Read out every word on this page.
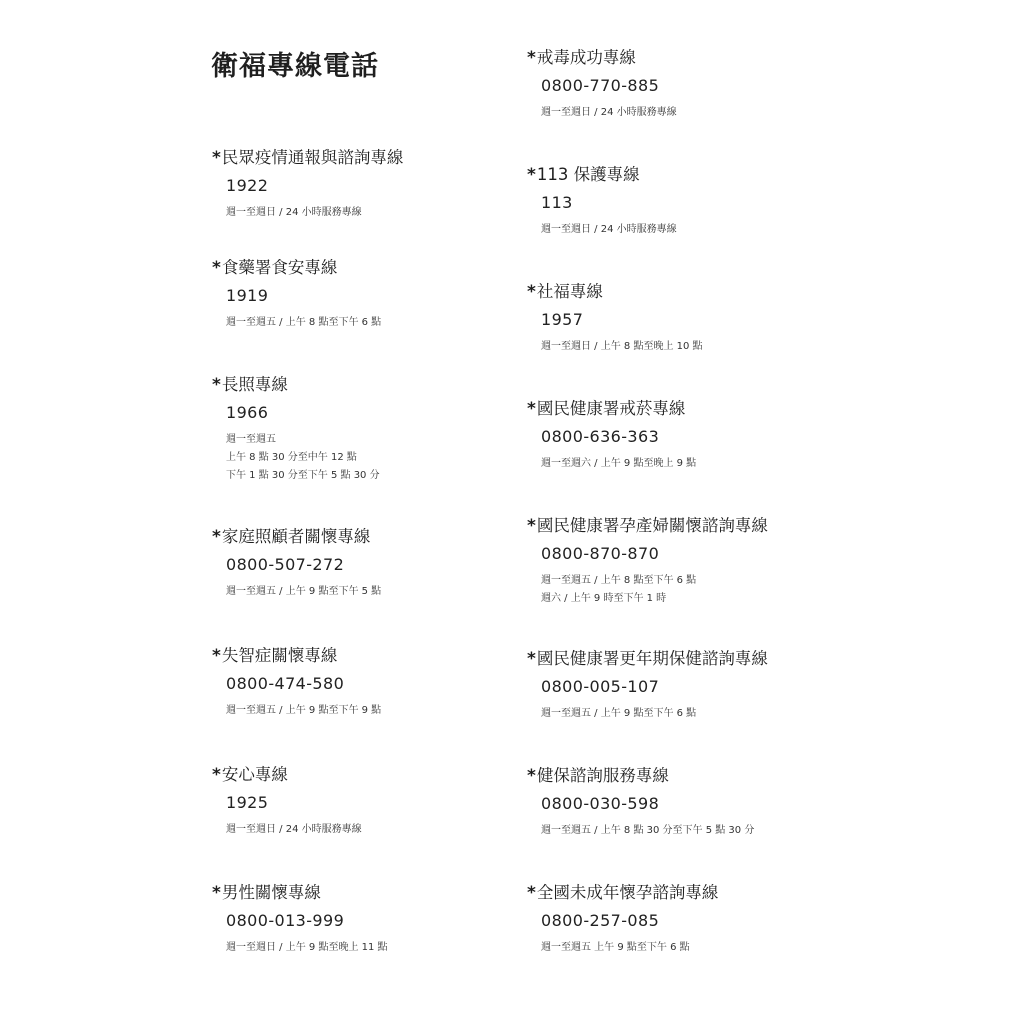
衛福專線電話
*民眾疫情通報與諮詢專線
1922
週一至週日 / 24 小時服務專線
*食藥署食安專線
1919
週一至週五 / 上午 8 點至下午 6 點
*長照專線
1966
週一至週五
上午 8 點 30 分至中午 12 點
下午 1 點 30 分至下午 5 點 30 分
*家庭照顧者關懷專線
0800-507-272
週一至週五 / 上午 9 點至下午 5 點
*失智症關懷專線
0800-474-580
週一至週五 / 上午 9 點至下午 9 點
*安心專線
1925
週一至週日 / 24 小時服務專線
*男性關懷專線
0800-013-999
週一至週日 / 上午 9 點至晚上 11 點
*戒毒成功專線
0800-770-885
週一至週日 / 24 小時服務專線
*113 保護專線
113
週一至週日 / 24 小時服務專線
*社福專線
1957
週一至週日 / 上午 8 點至晚上 10 點
*國民健康署戒菸專線
0800-636-363
週一至週六 / 上午 9 點至晚上 9 點
*國民健康署孕產婦關懷諮詢專線
0800-870-870
週一至週五 / 上午 8 點至下午 6 點
週六 / 上午 9 時至下午 1 時
*國民健康署更年期保健諮詢專線
0800-005-107
週一至週五 / 上午 9 點至下午 6 點
*健保諮詢服務專線
0800-030-598
週一至週五 / 上午 8 點 30 分至下午 5 點 30 分
*全國未成年懷孕諮詢專線
0800-257-085
週一至週五 上午 9 點至下午 6 點
